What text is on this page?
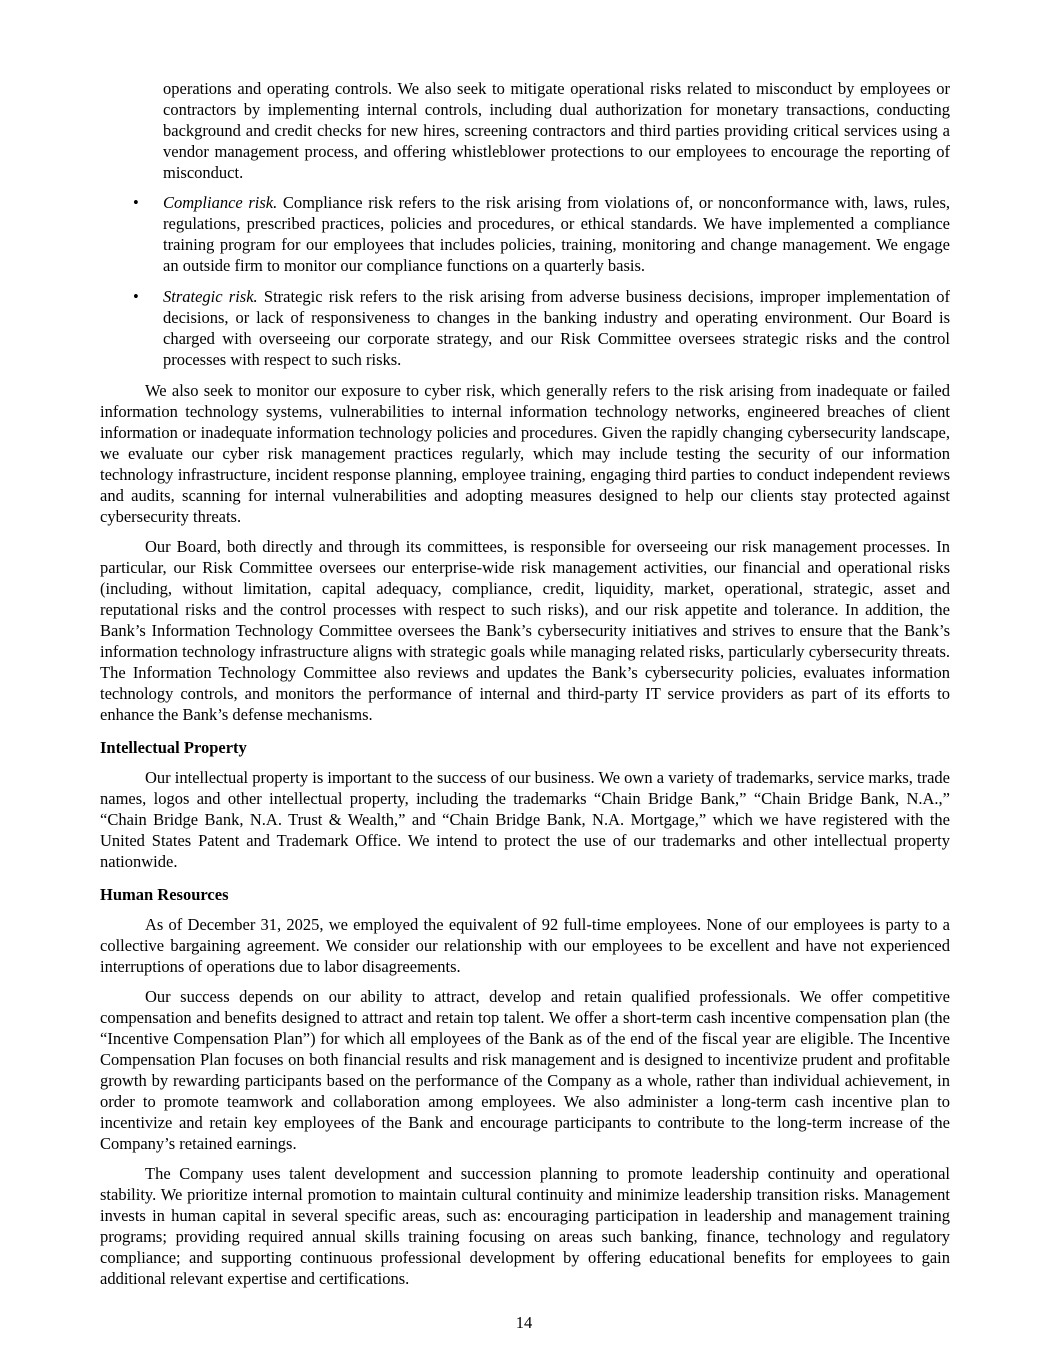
operations and operating controls. We also seek to mitigate operational risks related to misconduct by employees or contractors by implementing internal controls, including dual authorization for monetary transactions, conducting background and credit checks for new hires, screening contractors and third parties providing critical services using a vendor management process, and offering whistleblower protections to our employees to encourage the reporting of misconduct.

• Compliance risk. Compliance risk refers to the risk arising from violations of, or nonconformance with, laws, rules, regulations, prescribed practices, policies and procedures, or ethical standards. We have implemented a compliance training program for our employees that includes policies, training, monitoring and change management. We engage an outside firm to monitor our compliance functions on a quarterly basis.
• Strategic risk. Strategic risk refers to the risk arising from adverse business decisions, improper implementation of decisions, or lack of responsiveness to changes in the banking industry and operating environment. Our Board is charged with overseeing our corporate strategy, and our Risk Committee oversees strategic risks and the control processes with respect to such risks.

We also seek to monitor our exposure to cyber risk, which generally refers to the risk arising from inadequate or failed information technology systems, vulnerabilities to internal information technology networks, engineered breaches of client information or inadequate information technology policies and procedures. Given the rapidly changing cybersecurity landscape, we evaluate our cyber risk management practices regularly, which may include testing the security of our information technology infrastructure, incident response planning, employee training, engaging third parties to conduct independent reviews and audits, scanning for internal vulnerabilities and adopting measures designed to help our clients stay protected against cybersecurity threats.

Our Board, both directly and through its committees, is responsible for overseeing our risk management processes. In particular, our Risk Committee oversees our enterprise-wide risk management activities, our financial and operational risks (including, without limitation, capital adequacy, compliance, credit, liquidity, market, operational, strategic, asset and reputational risks and the control processes with respect to such risks), and our risk appetite and tolerance. In addition, the Bank’s Information Technology Committee oversees the Bank’s cybersecurity initiatives and strives to ensure that the Bank’s information technology infrastructure aligns with strategic goals while managing related risks, particularly cybersecurity threats. The Information Technology Committee also reviews and updates the Bank’s cybersecurity policies, evaluates information technology controls, and monitors the performance of internal and third-party IT service providers as part of its efforts to enhance the Bank’s defense mechanisms.

Intellectual Property

Our intellectual property is important to the success of our business. We own a variety of trademarks, service marks, trade names, logos and other intellectual property, including the trademarks “Chain Bridge Bank,” “Chain Bridge Bank, N.A.,” “Chain Bridge Bank, N.A. Trust & Wealth,” and “Chain Bridge Bank, N.A. Mortgage,” which we have registered with the United States Patent and Trademark Office. We intend to protect the use of our trademarks and other intellectual property nationwide.

Human Resources

As of December 31, 2025, we employed the equivalent of 92 full-time employees. None of our employees is party to a collective bargaining agreement. We consider our relationship with our employees to be excellent and have not experienced interruptions of operations due to labor disagreements.

Our success depends on our ability to attract, develop and retain qualified professionals. We offer competitive compensation and benefits designed to attract and retain top talent. We offer a short-term cash incentive compensation plan (the “Incentive Compensation Plan”) for which all employees of the Bank as of the end of the fiscal year are eligible. The Incentive Compensation Plan focuses on both financial results and risk management and is designed to incentivize prudent and profitable growth by rewarding participants based on the performance of the Company as a whole, rather than individual achievement, in order to promote teamwork and collaboration among employees. We also administer a long-term cash incentive plan to incentivize and retain key employees of the Bank and encourage participants to contribute to the long-term increase of the Company’s retained earnings.

The Company uses talent development and succession planning to promote leadership continuity and operational stability. We prioritize internal promotion to maintain cultural continuity and minimize leadership transition risks. Management invests in human capital in several specific areas, such as: encouraging participation in leadership and management training programs; providing required annual skills training focusing on areas such banking, finance, technology and regulatory compliance; and supporting continuous professional development by offering educational benefits for employees to gain additional relevant expertise and certifications.

14
